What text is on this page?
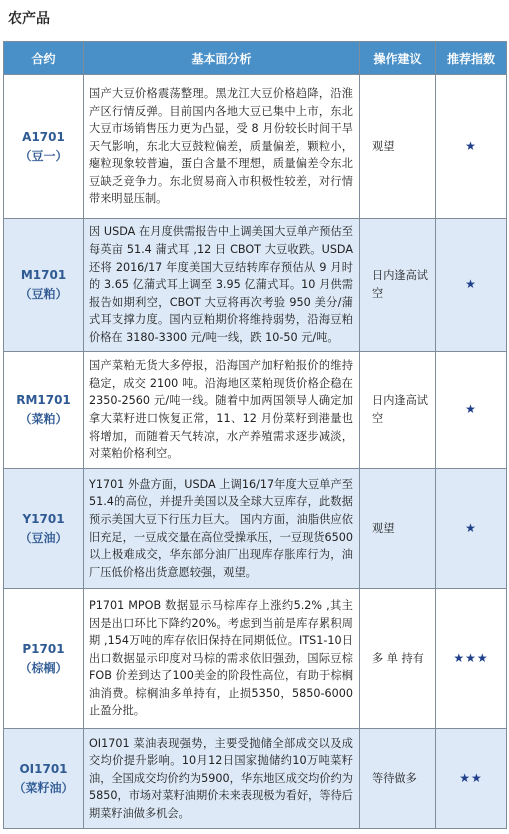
农产品
合约	基本面分析	操作建议	推荐指数

A1701
（豆一）	国产大豆价格震荡整理。黑龙江大豆价格趋降，沿淮产区行情反弹。目前国内各地大豆已集中上市，东北大豆市场销售压力更为凸显，受 8 月份较长时间干旱天气影响，东北大豆鼓粒偏差，质量偏差，颗粒小，瘪粒现象较普遍，蛋白含量不理想，质量偏差令东北豆缺乏竞争力。东北贸易商入市积极性较差，对行情带来明显压制。	观望	★

M1701
（豆粕）	因 USDA 在月度供需报告中上调美国大豆单产预估至每英亩 51.4 蒲式耳 ,12 日 CBOT 大豆收跌。USDA 还将 2016/17 年度美国大豆结转库存预估从 9 月时的 3.65 亿蒲式耳上调至 3.95 亿蒲式耳。10 月供需报告如期利空，CBOT 大豆将再次考验 950 美分/蒲式耳支撑力度。国内豆粕期价将维持弱势，沿海豆粕价格在 3180-3300 元/吨一线，跌 10-50 元/吨。	日内逢高试空	★

RM1701
（菜粕）	国产菜粕无货大多停报，沿海国产加籽粕报价的维持稳定，成交 2100 吨。沿海地区菜粕现货价格企稳在 2350-2560 元/吨一线。随着中加两国领导人确定加拿大菜籽进口恢复正常，11、12 月份菜籽到港量也将增加，而随着天气转凉，水产养殖需求逐步减淡，对菜粕价格利空。	日内逢高试空	★

Y1701
（豆油）	Y1701 外盘方面，USDA 上调16/17年度大豆单产至51.4的高位，并提升美国以及全球大豆库存，此数据预示美国大豆下行压力巨大。 国内方面，油脂供应依旧充足，一豆成交量在高位受操承压，一豆现货6500以上极难成交，华东部分油厂出现库存胀库行为，油厂压低价格出货意愿较强，观望。	观望	★

P1701
（棕榈）	P1701 MPOB 数据显示马棕库存上涨约5.2% ,其主因是出口环比下降约20%。考虑到当前是库存累积周期 ,154万吨的库存依旧保持在同期低位。ITS1-10日出口数据显示印度对马棕的需求依旧强劲，国际豆棕 FOB 价差到达了100美金的阶段性高位，有助于棕榈油消费。棕榈油多单持有，止损5350，5850-6000止盈分批。	多 单 持有	★★★

OI1701
（菜籽油）	OI1701 菜油表现强势，主要受抛储全部成交以及成交均价提升影响。10月12日国家抛储约10万吨菜籽油，全国成交均价约为5900，华东地区成交均价约为5850，市场对菜籽油期价未来表现极为看好，等待后期菜籽油做多机会。	等待做多	★★
